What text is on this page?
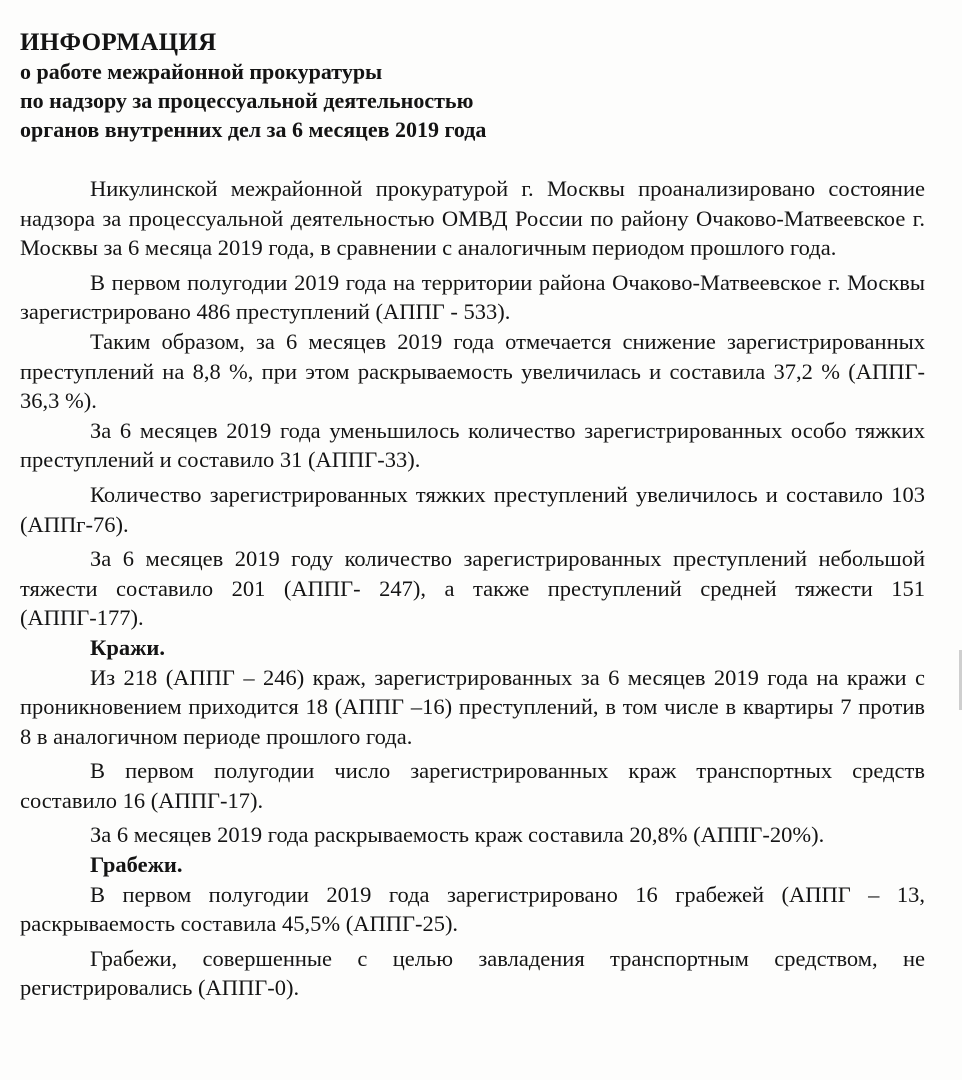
ИНФОРМАЦИЯ
о работе межрайонной прокуратуры
по надзору за процессуальной деятельностью
органов внутренних дел за 6 месяцев 2019 года

Никулинской межрайонной прокуратурой г. Москвы проанализировано состояние надзора за процессуальной деятельностью ОМВД России по району Очаково-Матвеевское г. Москвы за 6 месяца 2019 года, в сравнении с аналогичным периодом прошлого года.

В первом полугодии 2019 года на территории района Очаково-Матвеевское г. Москвы зарегистрировано 486 преступлений (АППГ - 533).

Таким образом, за 6 месяцев 2019 года отмечается снижение зарегистрированных преступлений на 8,8 %, при этом раскрываемость увеличилась и составила 37,2 % (АППГ- 36,3 %).

За 6 месяцев 2019 года уменьшилось количество зарегистрированных особо тяжких преступлений и составило 31 (АППГ-33).

Количество зарегистрированных тяжких преступлений увеличилось и составило 103 (АППг-76).

За 6 месяцев 2019 году количество зарегистрированных преступлений небольшой тяжести составило 201 (АППГ- 247), а также преступлений средней тяжести 151 (АППГ-177).

Кражи.

Из 218 (АППГ – 246) краж, зарегистрированных за 6 месяцев 2019 года на кражи с проникновением приходится 18 (АППГ –16) преступлений, в том числе в квартиры 7 против 8 в аналогичном периоде прошлого года.

В первом полугодии число зарегистрированных краж транспортных средств составило 16 (АППГ-17).

За 6 месяцев 2019 года раскрываемость краж составила 20,8% (АППГ-20%).

Грабежи.

В первом полугодии 2019 года зарегистрировано 16 грабежей (АППГ – 13, раскрываемость составила 45,5% (АППГ-25).

Грабежи, совершенные с целью завладения транспортным средством, не регистрировались (АППГ-0).
